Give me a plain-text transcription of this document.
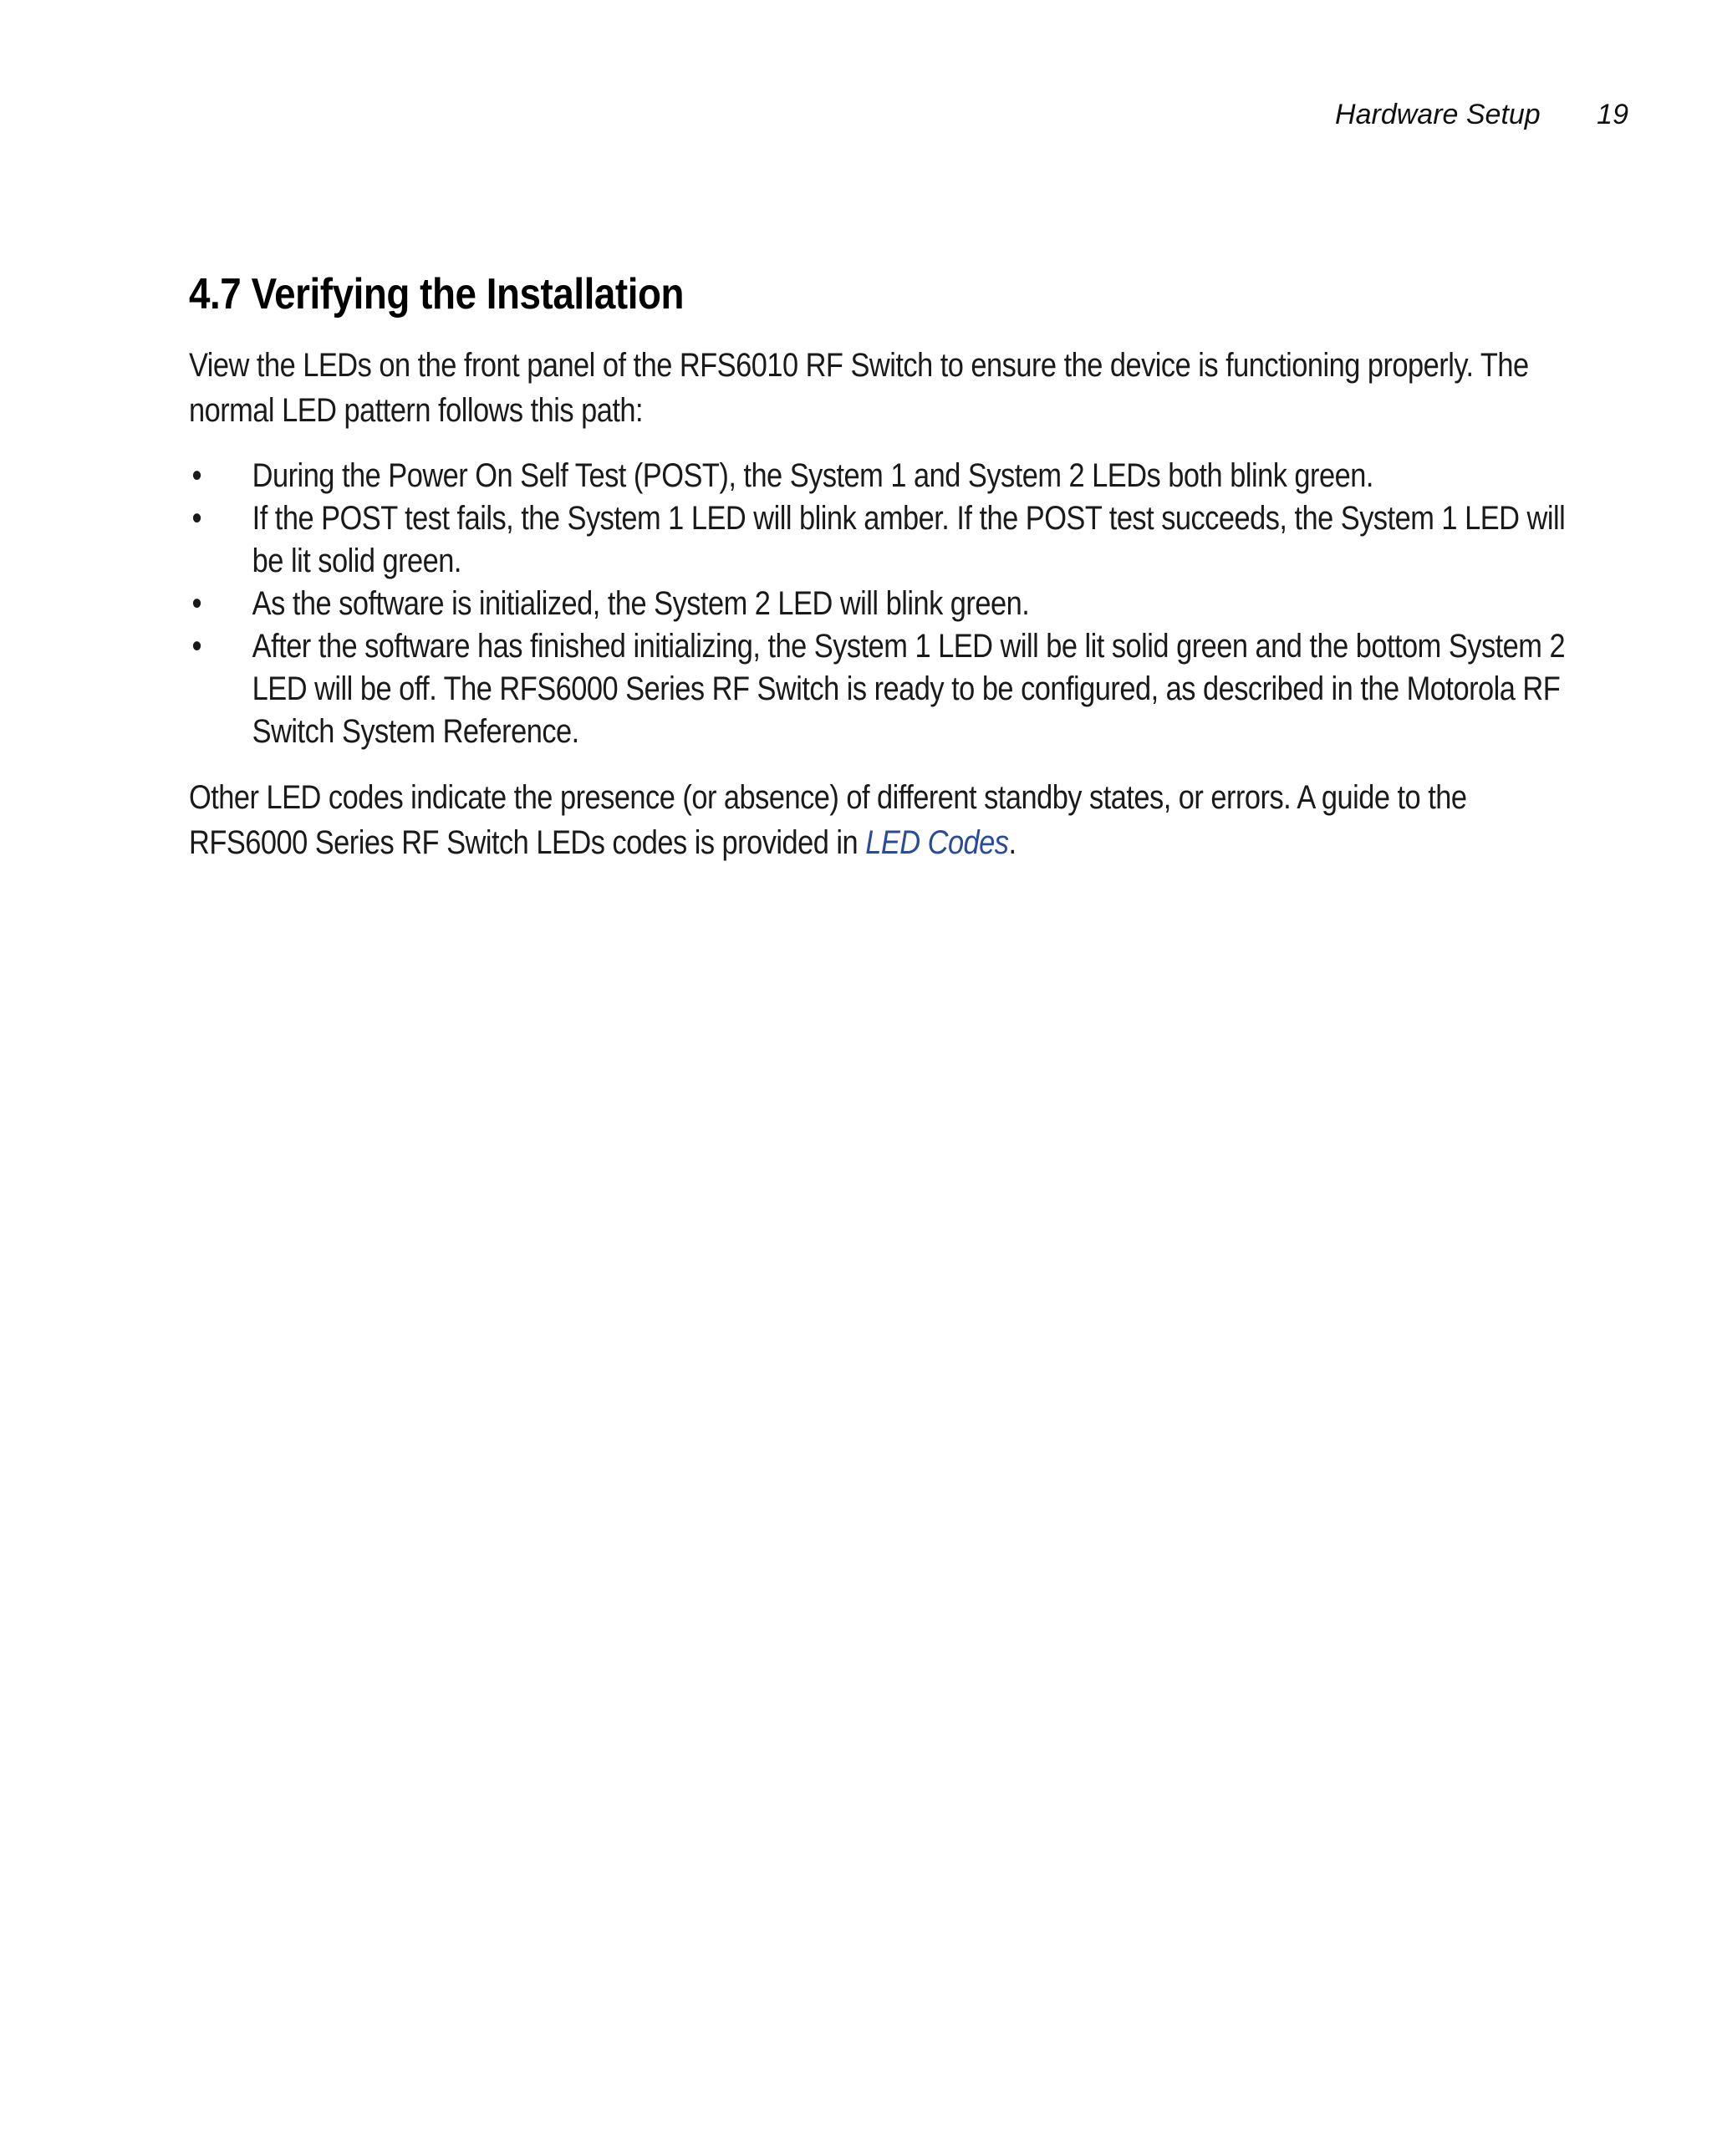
Hardware Setup 19
4.7 Verifying the Installation

View the LEDs on the front panel of the RFS6010 RF Switch to ensure the device is functioning properly. The normal LED pattern follows this path:

• During the Power On Self Test (POST), the System 1 and System 2 LEDs both blink green.
• If the POST test fails, the System 1 LED will blink amber. If the POST test succeeds, the System 1 LED will be lit solid green.
• As the software is initialized, the System 2 LED will blink green.
• After the software has finished initializing, the System 1 LED will be lit solid green and the bottom System 2 LED will be off. The RFS6000 Series RF Switch is ready to be configured, as described in the Motorola RF Switch System Reference.

Other LED codes indicate the presence (or absence) of different standby states, or errors. A guide to the RFS6000 Series RF Switch LEDs codes is provided in LED Codes.
